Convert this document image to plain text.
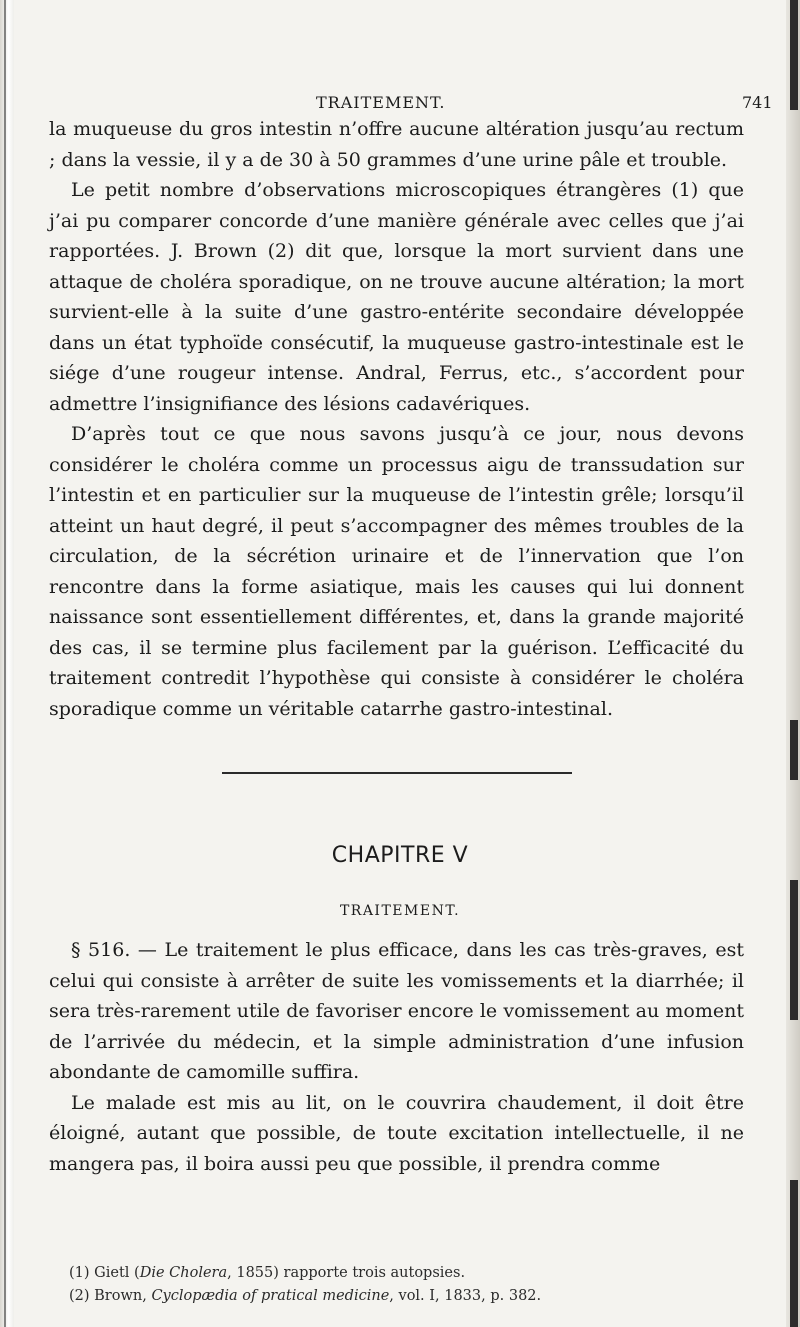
TRAITEMENT.	741

la muqueuse du gros intestin n’offre aucune altération jusqu’au rectum ; dans la vessie, il y a de 30 à 50 grammes d’une urine pâle et trouble.

Le petit nombre d’observations microscopiques étrangères (1) que j’ai pu comparer concorde d’une manière générale avec celles que j’ai rapportées. J. Brown (2) dit que, lorsque la mort survient dans une attaque de choléra sporadique, on ne trouve aucune altération; la mort survient-elle à la suite d’une gastro-entérite secondaire développée dans un état typhoïde consécutif, la muqueuse gastro-intestinale est le siége d’une rougeur intense. Andral, Ferrus, etc., s’accordent pour admettre l’insignifiance des lésions cadavériques.

D’après tout ce que nous savons jusqu’à ce jour, nous devons considérer le choléra comme un processus aigu de transsudation sur l’intestin et en particulier sur la muqueuse de l’intestin grêle; lorsqu’il atteint un haut degré, il peut s’accompagner des mêmes troubles de la circulation, de la sécrétion urinaire et de l’innervation que l’on rencontre dans la forme asiatique, mais les causes qui lui donnent naissance sont essentiellement différentes, et, dans la grande majorité des cas, il se termine plus facilement par la guérison. L’efficacité du traitement contredit l’hypothèse qui consiste à considérer le choléra sporadique comme un véritable catarrhe gastro-intestinal.

CHAPITRE V
TRAITEMENT.

§ 516. — Le traitement le plus efficace, dans les cas très-graves, est celui qui consiste à arrêter de suite les vomissements et la diarrhée; il sera très-rarement utile de favoriser encore le vomissement au moment de l’arrivée du médecin, et la simple administration d’une infusion abondante de camomille suffira.

Le malade est mis au lit, on le couvrira chaudement, il doit être éloigné, autant que possible, de toute excitation intellectuelle, il ne mangera pas, il boira aussi peu que possible, il prendra comme

(1) Gietl (Die Cholera, 1855) rapporte trois autopsies.
(2) Brown, Cyclopædia of pratical medicine, vol. I, 1833, p. 382.
